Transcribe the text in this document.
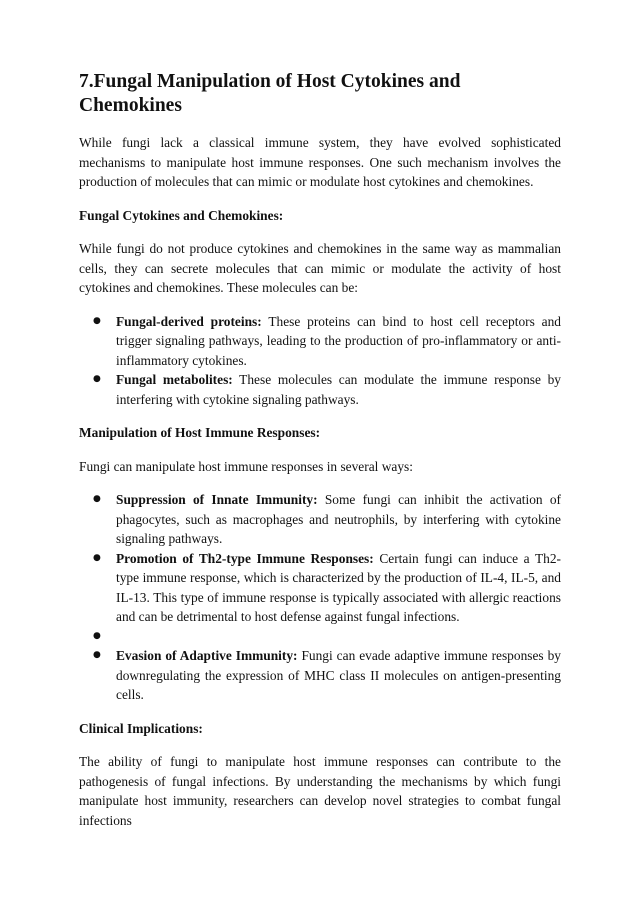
7.Fungal Manipulation of Host Cytokines and Chemokines

While fungi lack a classical immune system, they have evolved sophisticated mechanisms to manipulate host immune responses. One such mechanism involves the production of molecules that can mimic or modulate host cytokines and chemokines.

Fungal Cytokines and Chemokines:

While fungi do not produce cytokines and chemokines in the same way as mammalian cells, they can secrete molecules that can mimic or modulate the activity of host cytokines and chemokines. These molecules can be:

● Fungal-derived proteins: These proteins can bind to host cell receptors and trigger signaling pathways, leading to the production of pro-inflammatory or anti-inflammatory cytokines.
● Fungal metabolites: These molecules can modulate the immune response by interfering with cytokine signaling pathways.

Manipulation of Host Immune Responses:

Fungi can manipulate host immune responses in several ways:

● Suppression of Innate Immunity: Some fungi can inhibit the activation of phagocytes, such as macrophages and neutrophils, by interfering with cytokine signaling pathways.
● Promotion of Th2-type Immune Responses: Certain fungi can induce a Th2-type immune response, which is characterized by the production of IL-4, IL-5, and IL-13. This type of immune response is typically associated with allergic reactions and can be detrimental to host defense against fungal infections.
●
● Evasion of Adaptive Immunity: Fungi can evade adaptive immune responses by downregulating the expression of MHC class II molecules on antigen-presenting cells.

Clinical Implications:

The ability of fungi to manipulate host immune responses can contribute to the pathogenesis of fungal infections. By understanding the mechanisms by which fungi manipulate host immunity, researchers can develop novel strategies to combat fungal infections
